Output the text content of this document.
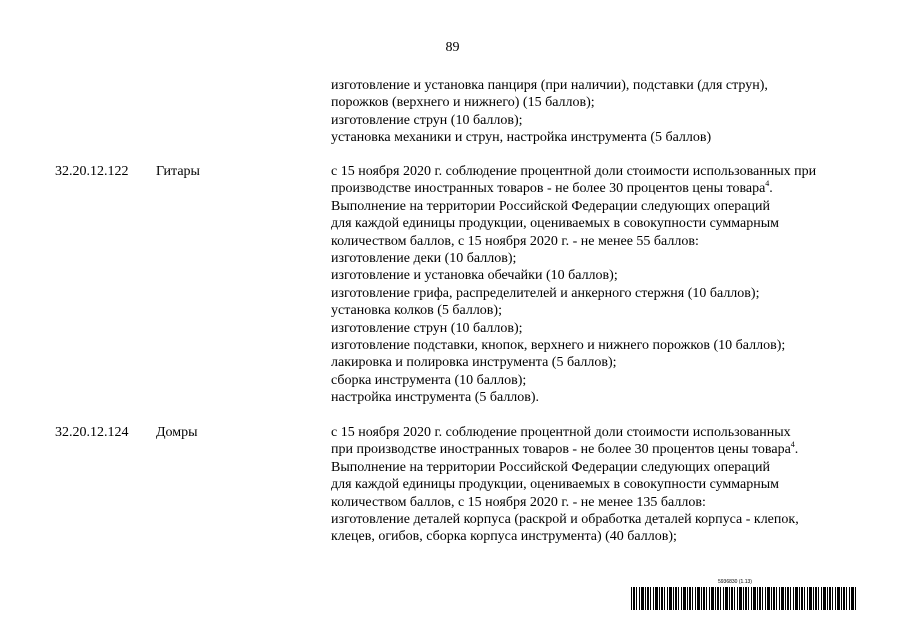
89
изготовление и установка панциря (при наличии), подставки (для струн),
порожков (верхнего и нижнего) (15 баллов);
изготовление струн (10 баллов);
установка механики и струн, настройка инструмента (5 баллов)
32.20.12.122 Гитары	с 15 ноября 2020 г. соблюдение процентной доли стоимости использованных при
производстве иностранных товаров - не более 30 процентов цены товара$^4$.
Выполнение на территории Российской Федерации следующих операций
для каждой единицы продукции, оцениваемых в совокупности суммарным
количеством баллов, с 15 ноября 2020 г. - не менее 55 баллов:
изготовление деки (10 баллов);
изготовление и установка обечайки (10 баллов);
изготовление грифа, распределителей и анкерного стержня (10 баллов);
установка колков (5 баллов);
изготовление струн (10 баллов);
изготовление подставки, кнопок, верхнего и нижнего порожков (10 баллов);
лакировка и полировка инструмента (5 баллов);
сборка инструмента (10 баллов);
настройка инструмента (5 баллов).
32.20.12.124 Домры	с 15 ноября 2020 г. соблюдение процентной доли стоимости использованных
при производстве иностранных товаров - не более 30 процентов цены товара$^4$.
Выполнение на территории Российской Федерации следующих операций
для каждой единицы продукции, оцениваемых в совокупности суммарным
количеством баллов, с 15 ноября 2020 г. - не менее 135 баллов:
изготовление деталей корпуса (раскрой и обработка деталей корпуса - клепок,
клецев, огибов, сборка корпуса инструмента) (40 баллов);
5936830 (1.13)
